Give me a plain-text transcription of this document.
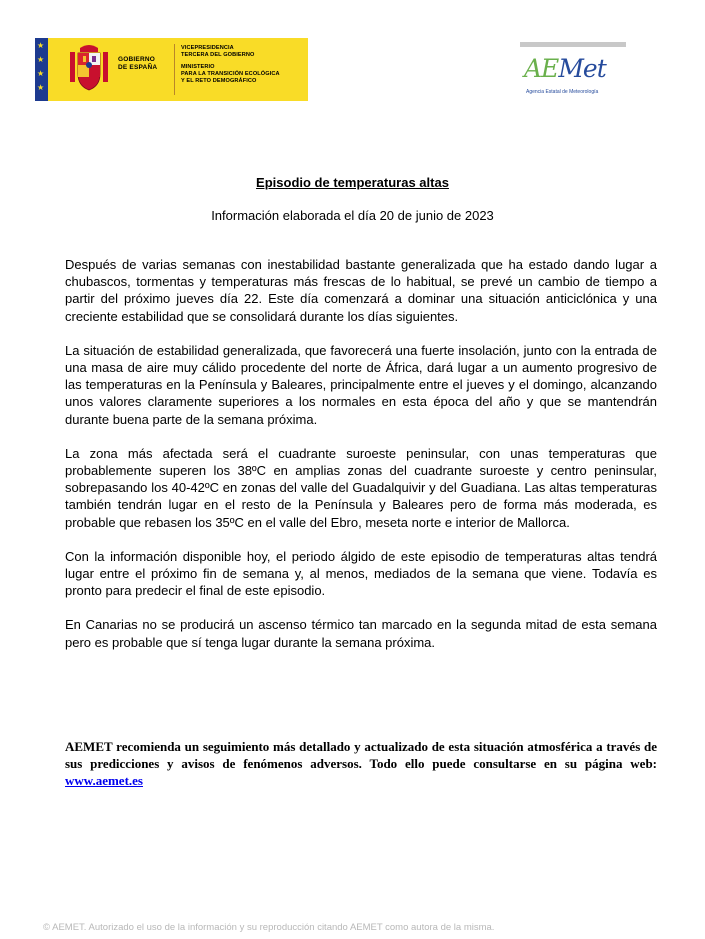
★
★
★
★
GOBIERNO
DE ESPAÑA
VICEPRESIDENCIA
TERCERA DEL GOBIERNO
MINISTERIO
PARA LA TRANSICIÓN ECOLÓGICA
Y EL RETO DEMOGRÁFICO	AEMet
Agencia Estatal de Meteorología
Episodio de temperaturas altas
Información elaborada el día 20 de junio de 2023

Después de varias semanas con inestabilidad bastante generalizada que ha estado dando lugar a chubascos, tormentas y temperaturas más frescas de lo habitual, se prevé un cambio de tiempo a partir del próximo jueves día 22. Este día comenzará a dominar una situación anticiclónica y una creciente estabilidad que se consolidará durante los días siguientes.

La situación de estabilidad generalizada, que favorecerá una fuerte insolación, junto con la entrada de una masa de aire muy cálido procedente del norte de África, dará lugar a un aumento progresivo de las temperaturas en la Península y Baleares, principalmente entre el jueves y el domingo, alcanzando unos valores claramente superiores a los normales en esta época del año y que se mantendrán durante buena parte de la semana próxima.

La zona más afectada será el cuadrante suroeste peninsular, con unas temperaturas que probablemente superen los 38ºC en amplias zonas del cuadrante suroeste y centro peninsular, sobrepasando los 40-42ºC en zonas del valle del Guadalquivir y del Guadiana. Las altas temperaturas también tendrán lugar en el resto de la Península y Baleares pero de forma más moderada, es probable que rebasen los 35ºC en el valle del Ebro, meseta norte e interior de Mallorca.

Con la información disponible hoy, el periodo álgido de este episodio de temperaturas altas tendrá lugar entre el próximo fin de semana y, al menos, mediados de la semana que viene. Todavía es pronto para predecir el final de este episodio.

En Canarias no se producirá un ascenso térmico tan marcado en la segunda mitad de esta semana pero es probable que sí tenga lugar durante la semana próxima.

AEMET recomienda un seguimiento más detallado y actualizado de esta situación atmosférica a través de sus predicciones y avisos de fenómenos adversos. Todo ello puede consultarse en su página web: www.aemet.es
© AEMET. Autorizado el uso de la información y su reproducción citando AEMET como autora de la misma.
